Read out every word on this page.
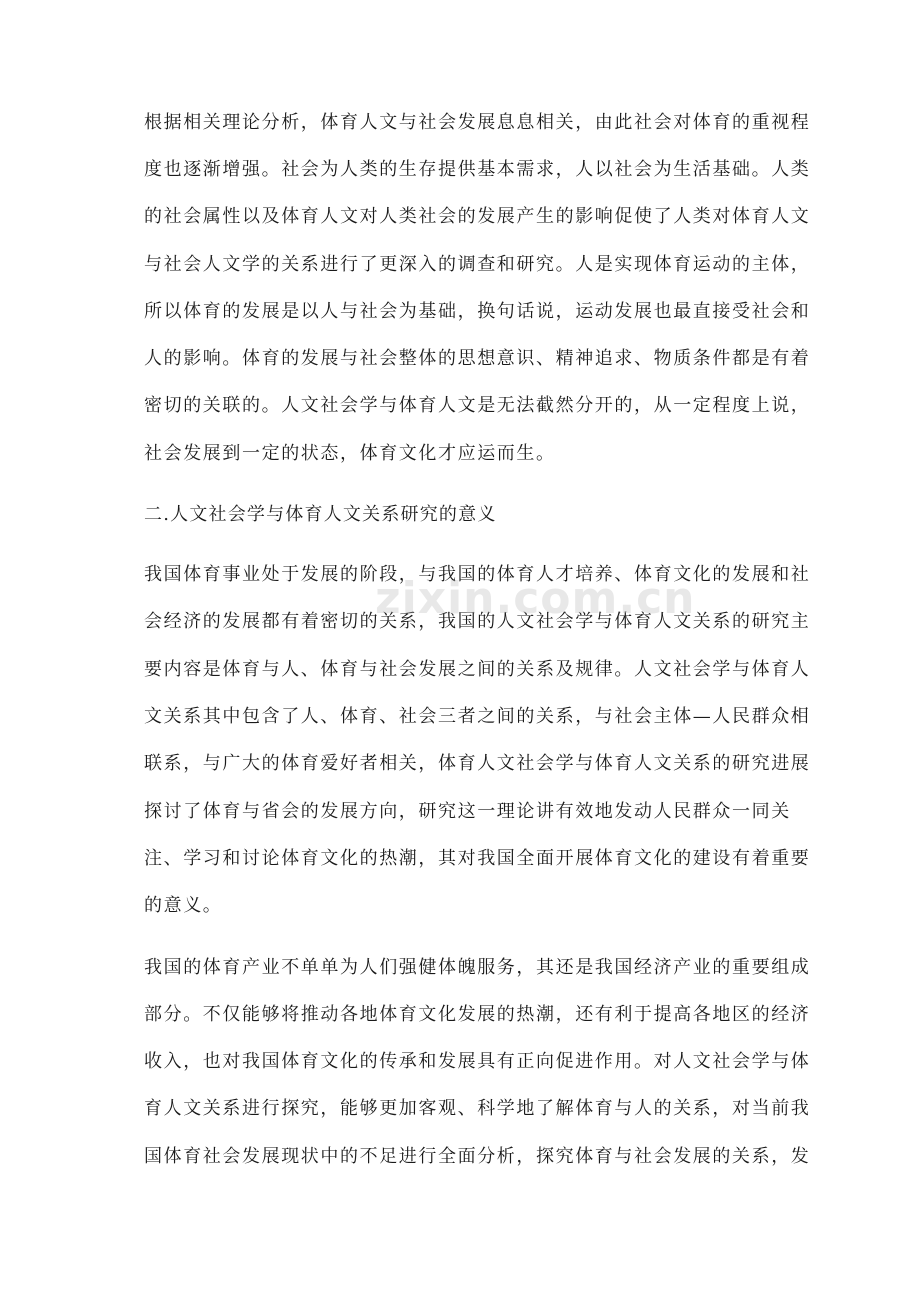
根据相关理论分析，体育人文与社会发展息息相关，由此社会对体育的重视程
度也逐渐增强。社会为人类的生存提供基本需求，人以社会为生活基础。人类
的社会属性以及体育人文对人类社会的发展产生的影响促使了人类对体育人文
与社会人文学的关系进行了更深入的调查和研究。人是实现体育运动的主体，
所以体育的发展是以人与社会为基础，换句话说，运动发展也最直接受社会和
人的影响。体育的发展与社会整体的思想意识、精神追求、物质条件都是有着
密切的关联的。人文社会学与体育人文是无法截然分开的，从一定程度上说，
社会发展到一定的状态，体育文化才应运而生。
二.人文社会学与体育人文关系研究的意义
我国体育事业处于发展的阶段，与我国的体育人才培养、体育文化的发展和社
会经济的发展都有着密切的关系，我国的人文社会学与体育人文关系的研究主
要内容是体育与人、体育与社会发展之间的关系及规律。人文社会学与体育人
文关系其中包含了人、体育、社会三者之间的关系，与社会主体—人民群众相
联系，与广大的体育爱好者相关，体育人文社会学与体育人文关系的研究进展
探讨了体育与省会的发展方向，研究这一理论讲有效地发动人民群众一同关
注、学习和讨论体育文化的热潮，其对我国全面开展体育文化的建设有着重要
的意义。
我国的体育产业不单单为人们强健体魄服务，其还是我国经济产业的重要组成
部分。不仅能够将推动各地体育文化发展的热潮，还有利于提高各地区的经济
收入，也对我国体育文化的传承和发展具有正向促进作用。对人文社会学与体
育人文关系进行探究，能够更加客观、科学地了解体育与人的关系，对当前我
国体育社会发展现状中的不足进行全面分析，探究体育与社会发展的关系，发
zixin.com.cn
